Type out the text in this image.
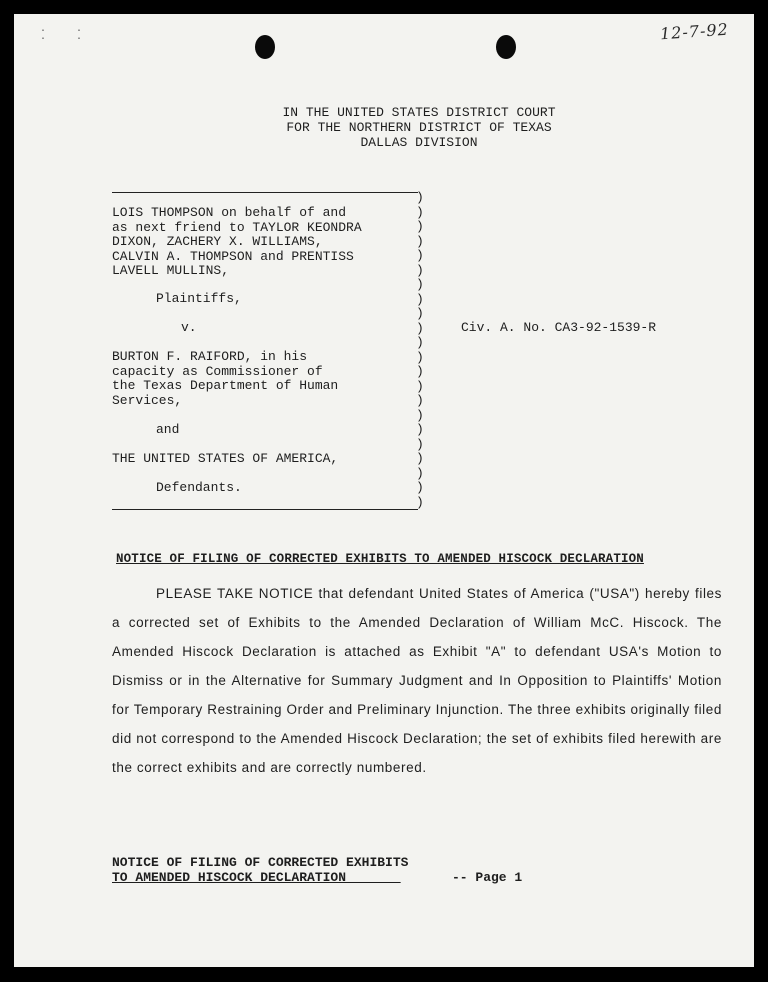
·     ·
·     ·	12-7-92
IN THE UNITED STATES DISTRICT COURT
FOR THE NORTHERN DISTRICT OF TEXAS
DALLAS DIVISION
LOIS THOMPSON on behalf of and
as next friend to TAYLOR KEONDRA
DIXON, ZACHERY X. WILLIAMS,
CALVIN A. THOMPSON and PRENTISS
LAVELL MULLINS,
Plaintiffs,
v.
BURTON F. RAIFORD, in his
capacity as Commissioner of
the Texas Department of Human
Services,
and
THE UNITED STATES OF AMERICA,
Defendants.
)
)
)
)
)
)
)
)
)
)
)
)
)
)
)
)
)
)
)
)
)
)
Civ. A. No. CA3-92-1539-R
NOTICE OF FILING OF CORRECTED EXHIBITS TO AMENDED HISCOCK DECLARATION

PLEASE TAKE NOTICE that defendant United States of America ("USA") hereby files a corrected set of Exhibits to the Amended Declaration of William McC. Hiscock. The Amended Hiscock Declaration is attached as Exhibit "A" to defendant USA's Motion to Dismiss or in the Alternative for Summary Judgment and In Opposition to Plaintiffs' Motion for Temporary Restraining Order and Preliminary Injunction. The three exhibits originally filed did not correspond to the Amended Hiscock Declaration; the set of exhibits filed herewith are the correct exhibits and are correctly numbered.

NOTICE OF FILING OF CORRECTED EXHIBITS
TO AMENDED HISCOCK DECLARATION	-- Page 1
